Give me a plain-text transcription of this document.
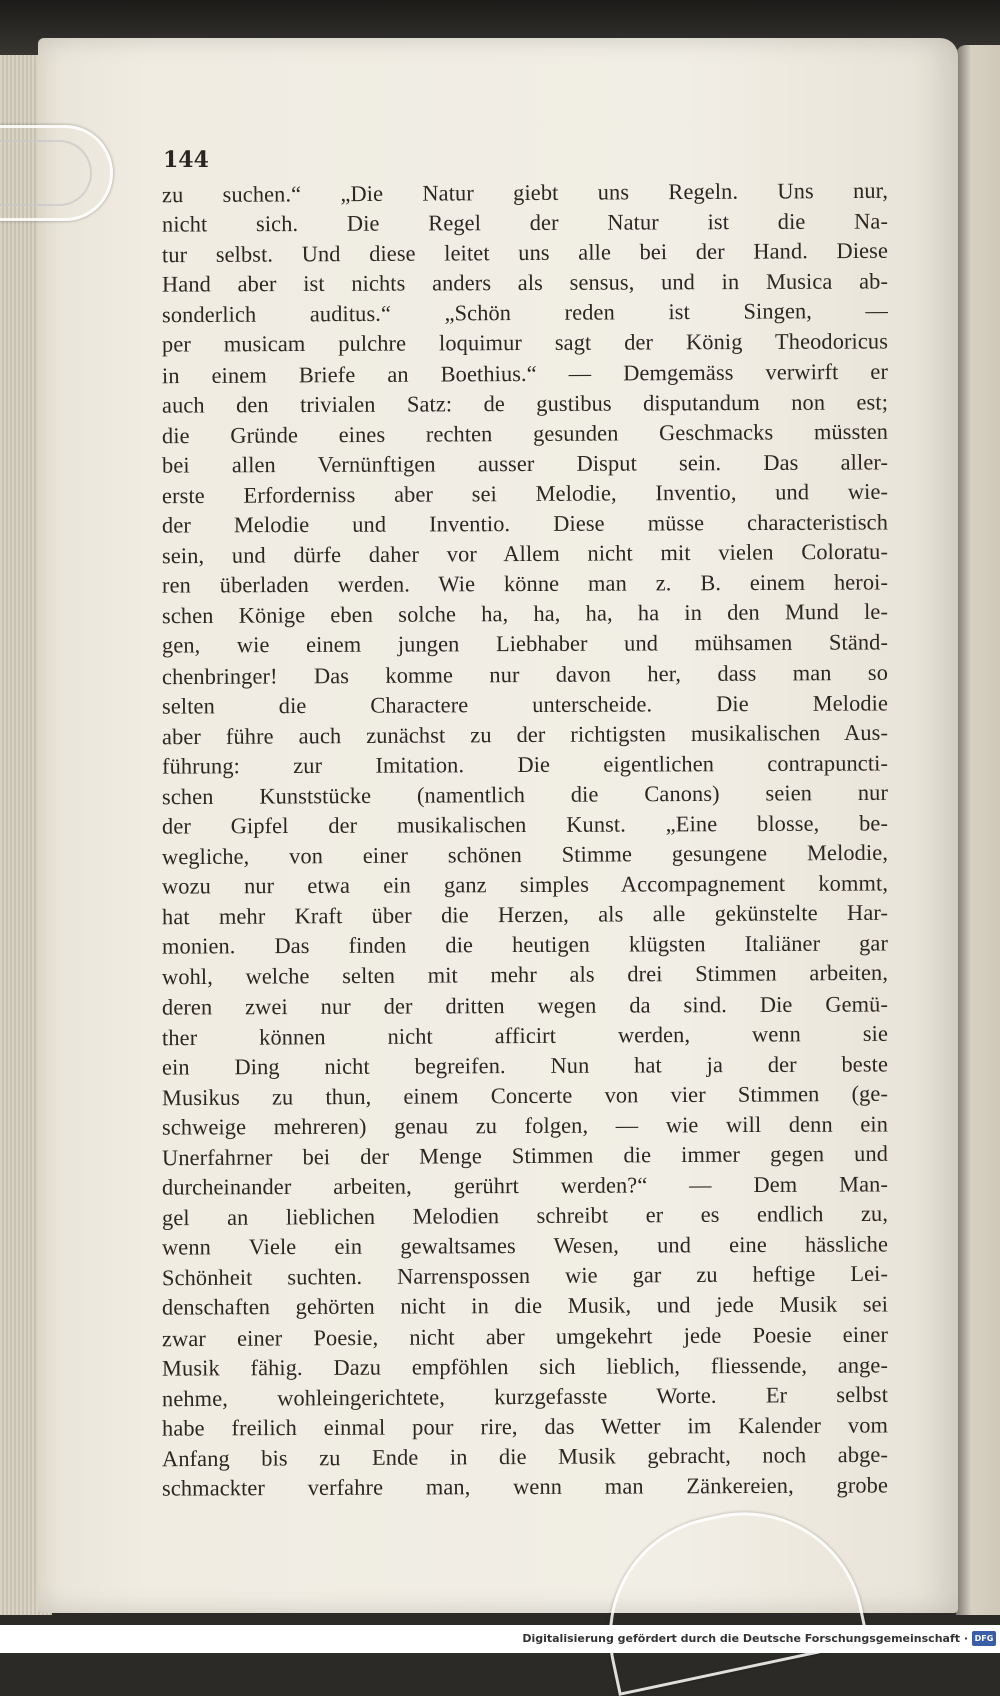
144
zu suchen.“ „Die Natur giebt uns Regeln. Uns nur,
nicht sich. Die Regel der Natur ist die Na-
tur selbst. Und diese leitet uns alle bei der Hand. Diese
Hand aber ist nichts anders als sensus, und in Musica ab-
sonderlich auditus.“ „Schön reden ist Singen, —
per musicam pulchre loquimur sagt der König Theodoricus
in einem Briefe an Boethius.“ — Demgemäss verwirft er
auch den trivialen Satz: de gustibus disputandum non est;
die Gründe eines rechten gesunden Geschmacks müssten
bei allen Vernünftigen ausser Disput sein. Das aller-
erste Erforderniss aber sei Melodie, Inventio, und wie-
der Melodie und Inventio. Diese müsse characteristisch
sein, und dürfe daher vor Allem nicht mit vielen Coloratu-
ren überladen werden. Wie könne man z. B. einem heroi-
schen Könige eben solche ha, ha, ha, ha in den Mund le-
gen, wie einem jungen Liebhaber und mühsamen Ständ-
chenbringer! Das komme nur davon her, dass man so
selten die Charactere unterscheide. Die Melodie
aber führe auch zunächst zu der richtigsten musikalischen Aus-
führung: zur Imitation. Die eigentlichen contrapuncti-
schen Kunststücke (namentlich die Canons) seien nur
der Gipfel der musikalischen Kunst. „Eine blosse, be-
wegliche, von einer schönen Stimme gesungene Melodie,
wozu nur etwa ein ganz simples Accompagnement kommt,
hat mehr Kraft über die Herzen, als alle gekünstelte Har-
monien. Das finden die heutigen klügsten Italiäner gar
wohl, welche selten mit mehr als drei Stimmen arbeiten,
deren zwei nur der dritten wegen da sind. Die Gemü-
ther können nicht afficirt werden, wenn sie
ein Ding nicht begreifen. Nun hat ja der beste
Musikus zu thun, einem Concerte von vier Stimmen (ge-
schweige mehreren) genau zu folgen, — wie will denn ein
Unerfahrner bei der Menge Stimmen die immer gegen und
durcheinander arbeiten, gerührt werden?“ — Dem Man-
gel an lieblichen Melodien schreibt er es endlich zu,
wenn Viele ein gewaltsames Wesen, und eine hässliche
Schönheit suchten. Narrenspossen wie gar zu heftige Lei-
denschaften gehörten nicht in die Musik, und jede Musik sei
zwar einer Poesie, nicht aber umgekehrt jede Poesie einer
Musik fähig. Dazu empföhlen sich lieblich, fliessende, ange-
nehme, wohleingerichtete, kurzgefasste Worte. Er selbst
habe freilich einmal pour rire, das Wetter im Kalender vom
Anfang bis zu Ende in die Musik gebracht, noch abge-
schmackter verfahre man, wenn man Zänkereien, grobe
Digitalisierung gefördert durch die Deutsche Forschungsgemeinschaft · DFG
